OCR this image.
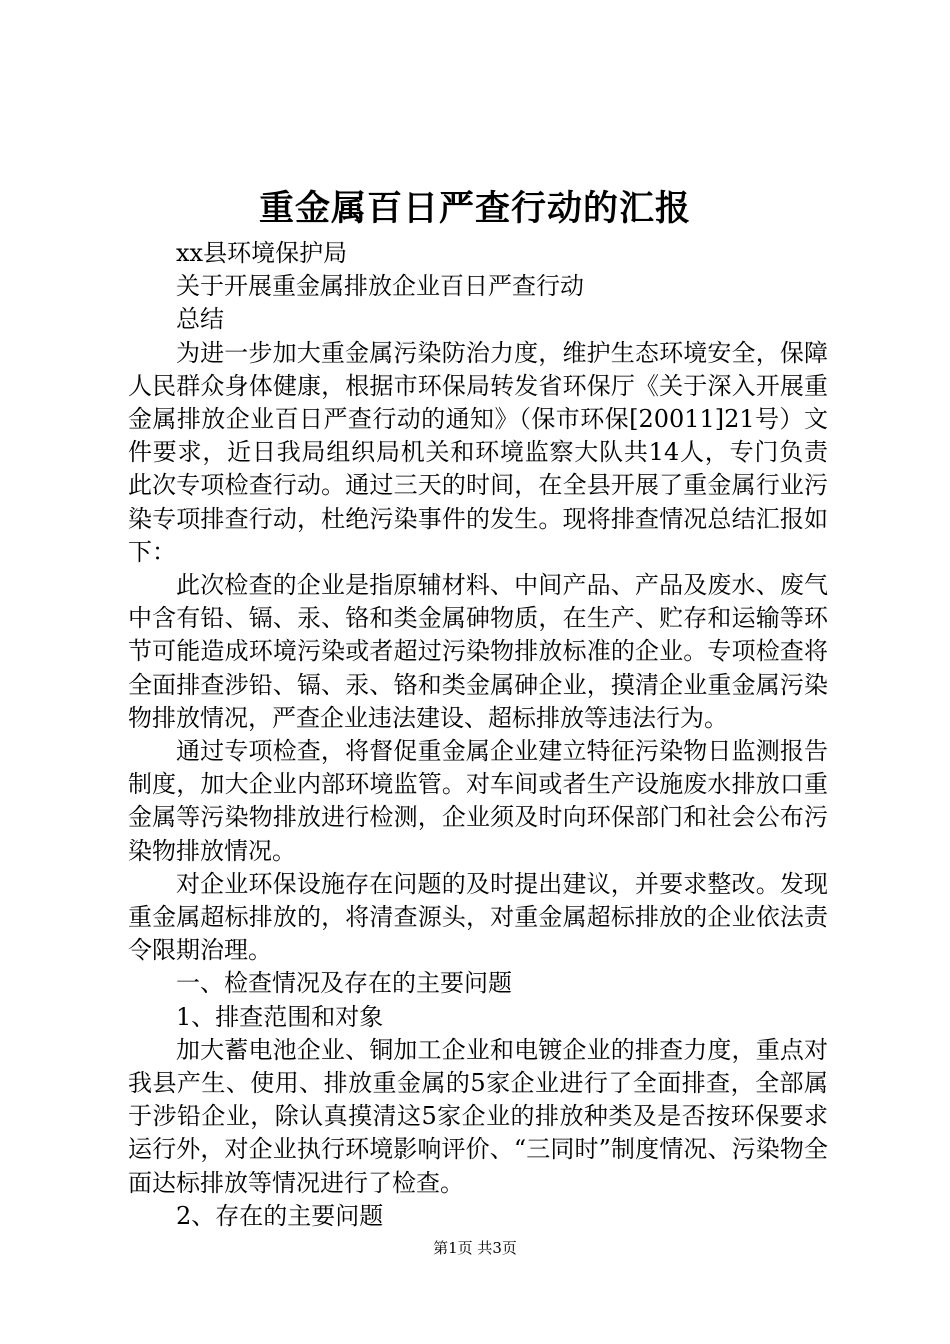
重金属百日严查行动的汇报

xx县环境保护局

关于开展重金属排放企业百日严查行动

总结

为进一步加大重金属污染防治力度，维护生态环境安全，保障人民群众身体健康，根据市环保局转发省环保厅《关于深入开展重金属排放企业百日严查行动的通知》（保市环保[20011]21号）文件要求，近日我局组织局机关和环境监察大队共14人，专门负责此次专项检查行动。通过三天的时间，在全县开展了重金属行业污染专项排查行动，杜绝污染事件的发生。现将排查情况总结汇报如下：

此次检查的企业是指原辅材料、中间产品、产品及废水、废气中含有铅、镉、汞、铬和类金属砷物质，在生产、贮存和运输等环节可能造成环境污染或者超过污染物排放标准的企业。专项检查将全面排查涉铅、镉、汞、铬和类金属砷企业，摸清企业重金属污染物排放情况，严查企业违法建设、超标排放等违法行为。

通过专项检查，将督促重金属企业建立特征污染物日监测报告制度，加大企业内部环境监管。对车间或者生产设施废水排放口重金属等污染物排放进行检测，企业须及时向环保部门和社会公布污染物排放情况。

对企业环保设施存在问题的及时提出建议，并要求整改。发现重金属超标排放的，将清查源头，对重金属超标排放的企业依法责令限期治理。

一、检查情况及存在的主要问题

1、排查范围和对象

加大蓄电池企业、铜加工企业和电镀企业的排查力度，重点对我县产生、使用、排放重金属的5家企业进行了全面排查，全部属于涉铅企业，除认真摸清这5家企业的排放种类及是否按环保要求运行外，对企业执行环境影响评价、“三同时”制度情况、污染物全面达标排放等情况进行了检查。

2、存在的主要问题

第1页 共3页
